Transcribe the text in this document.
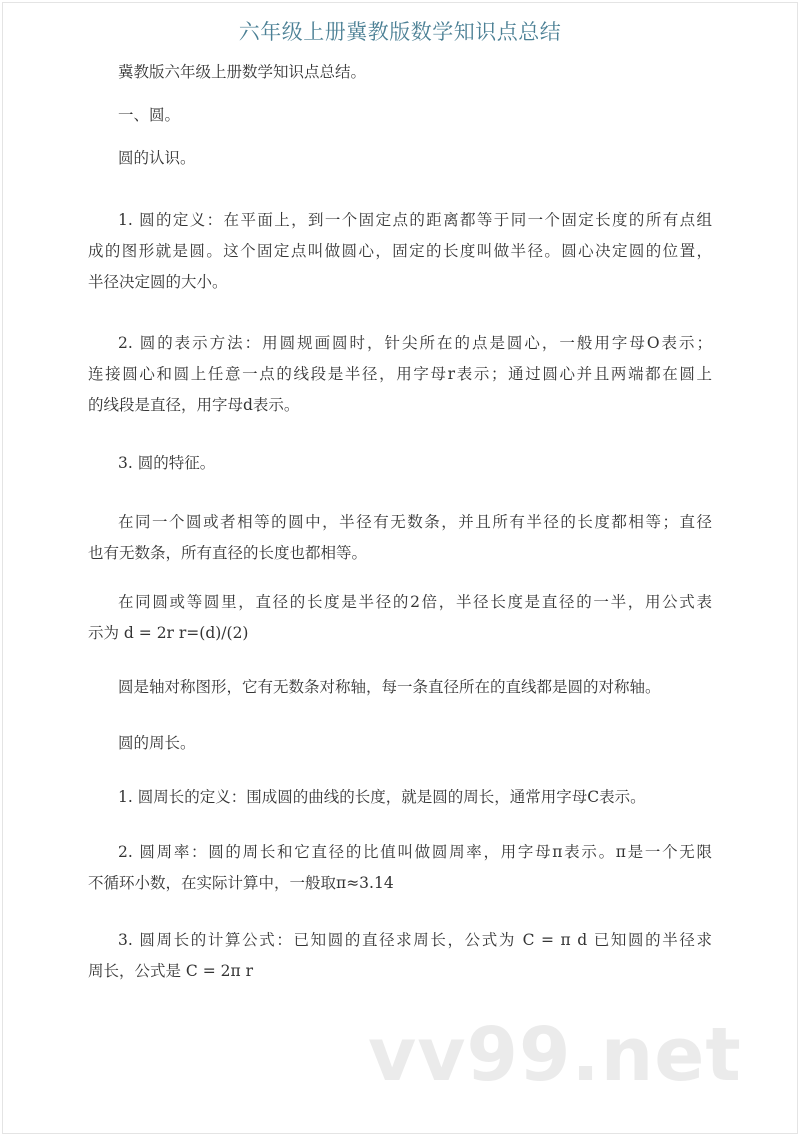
六年级上册冀教版数学知识点总结
冀教版六年级上册数学知识点总结。
一、圆。
圆的认识。
1. 圆的定义：在平面上，到一个固定点的距离都等于同一个固定长度的所有点组
成的图形就是圆。这个固定点叫做圆心，固定的长度叫做半径。圆心决定圆的位置，
半径决定圆的大小。
2. 圆的表示方法：用圆规画圆时，针尖所在的点是圆心，一般用字母O表示；
连接圆心和圆上任意一点的线段是半径，用字母r表示；通过圆心并且两端都在圆上
的线段是直径，用字母d表示。
3. 圆的特征。
在同一个圆或者相等的圆中，半径有无数条，并且所有半径的长度都相等；直径
也有无数条，所有直径的长度也都相等。
在同圆或等圆里，直径的长度是半径的2倍，半径长度是直径的一半，用公式表
示为 d = 2r r=(d)/(2)
圆是轴对称图形，它有无数条对称轴，每一条直径所在的直线都是圆的对称轴。
圆的周长。
1. 圆周长的定义：围成圆的曲线的长度，就是圆的周长，通常用字母C表示。
2. 圆周率：圆的周长和它直径的比值叫做圆周率，用字母π表示。π是一个无限
不循环小数，在实际计算中，一般取π≈3.14
3. 圆周长的计算公式：已知圆的直径求周长，公式为 C = π d 已知圆的半径求
周长，公式是 C = 2π r
vv99.net
